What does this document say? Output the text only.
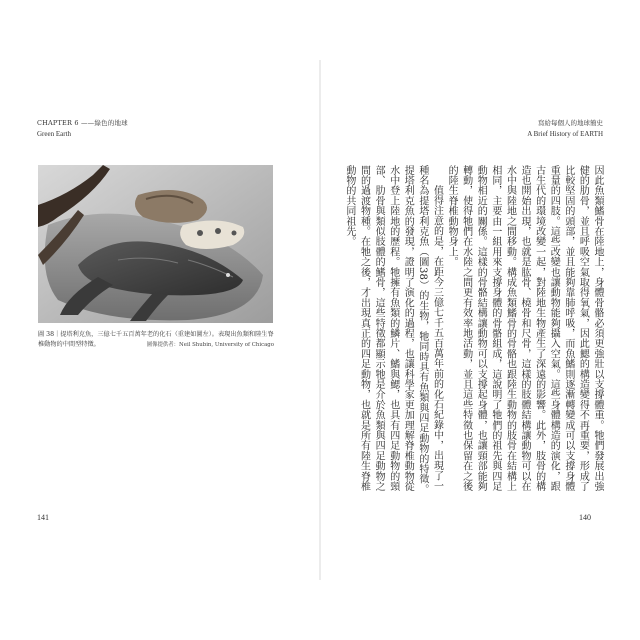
CHAPTER 6 ——綠色的地球
Green Earth
圖 38｜提塔利克魚，三億七千五百萬年老的化石（重建如圖左）。表現出魚類和陸生脊椎動物的中間型特徵。	圖像提供者：Neil Shubin, University of Chicago
141
寫給每個人的地球簡史
A Brief History of EARTH

因此魚類鰭骨在陸地上，身體骨骼必須更強壯以支撐體重。牠們發展出強健的肋骨，並且呼吸空氣取得氧氣，因此鰓的構造變得不再重要，形成了比較堅固的頭部，並且能夠靠肺呼吸，而魚鰭則逐漸轉變成可以支撐身體重量的四肢。這些改變也讓動物能夠攝入空氣。這些身體構造的演化，跟古生代的環境改變一起，對陸地生物產生了深遠的影響。此外，肢骨的構造也開始出現，也就是肱骨、橈骨和尺骨，這樣的肢體結構讓動物可以在水中與陸地之間移動。構成魚類鰭骨的骨骼也跟陸生動物的肢骨在結構上相同，主要由一組用來支撐身體的骨骼組成，這說明了牠們的祖先與四足動物相近的關係。這樣的骨骼結構讓動物可以支撐起身體，也讓頸部能夠轉動，使得牠們在水陸之間更有效率地活動，並且這些特徵也保留在之後的陸生脊椎動物身上。

值得注意的是，在距今三億七千五百萬年前的化石紀錄中，出現了一種名為提塔利克魚（圖38）的生物，牠同時具有魚類與四足動物的特徵。提塔利克魚的發現，證明了演化的過程，也讓科學家更加理解脊椎動物從水中登上陸地的歷程。牠擁有魚類的鱗片、鰭與鰓，也具有四足動物的頸部、肋骨與類似肢體的鰭骨，這些特徵都顯示牠是介於魚類與四足動物之間的過渡物種。在牠之後，才出現真正的四足動物，也就是所有陸生脊椎動物的共同祖先。

140
